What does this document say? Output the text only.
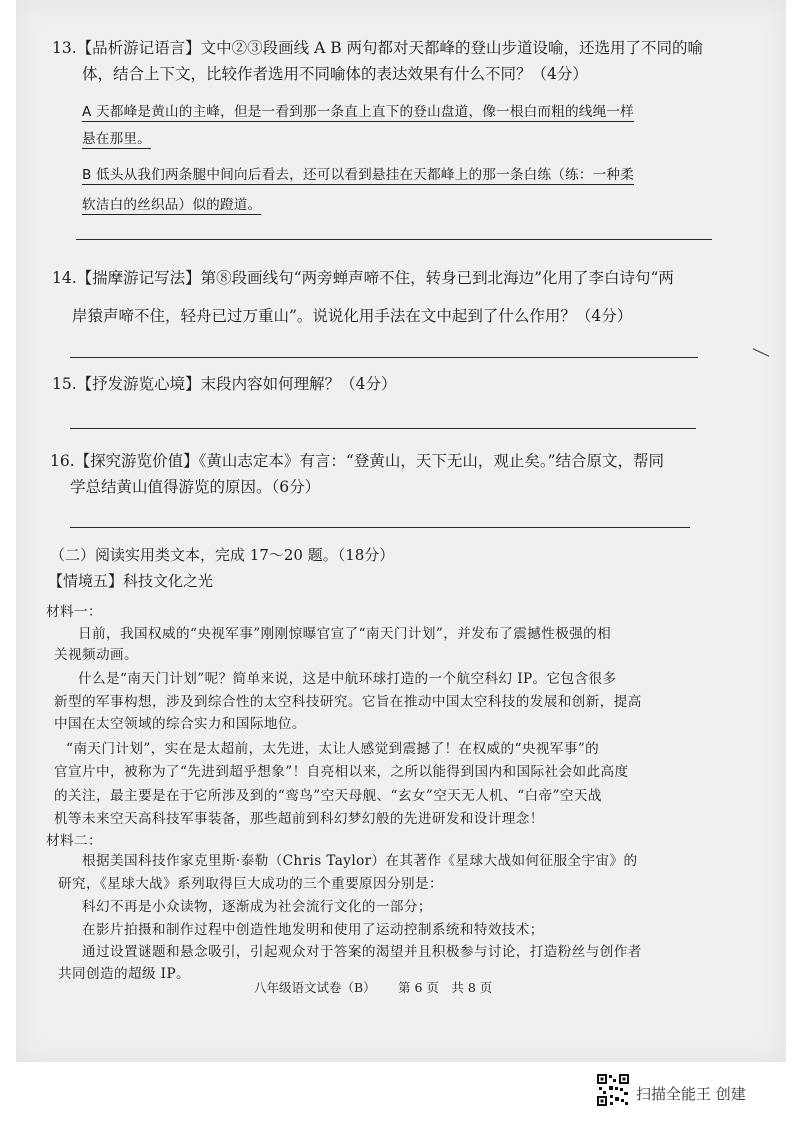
13.【品析游记语言】文中②③段画线 A B 两句都对天都峰的登山步道设喻，还选用了不同的喻
体，结合上下文，比较作者选用不同喻体的表达效果有什么不同？（4分）
A 天都峰是黄山的主峰，但是一看到那一条直上直下的登山盘道，像一根白而粗的线绳一样
悬在那里。
B 低头从我们两条腿中间向后看去，还可以看到悬挂在天都峰上的那一条白练（练：一种柔
软洁白的丝织品）似的蹬道。
14.【揣摩游记写法】第⑧段画线句“两旁蝉声啼不住，转身已到北海边”化用了李白诗句“两
岸猿声啼不住，轻舟已过万重山”。说说化用手法在文中起到了什么作用？（4分）
15.【抒发游览心境】末段内容如何理解？（4分）
16.【探究游览价值】《黄山志定本》有言：“登黄山，天下无山，观止矣。”结合原文，帮同
学总结黄山值得游览的原因。（6分）
（二）阅读实用类文本，完成 17～20 题。（18分）
【情境五】科技文化之光
材料一：
日前，我国权威的“央视军事”刚刚惊曝官宣了“南天门计划”，并发布了震撼性极强的相
关视频动画。
什么是“南天门计划”呢？简单来说，这是中航环球打造的一个航空科幻 IP。它包含很多
新型的军事构想，涉及到综合性的太空科技研究。它旨在推动中国太空科技的发展和创新，提高
中国在太空领域的综合实力和国际地位。
“南天门计划”，实在是太超前，太先进，太让人感觉到震撼了！在权威的“央视军事”的
官宣片中，被称为了“先进到超乎想象”！自亮相以来，之所以能得到国内和国际社会如此高度
的关注，最主要是在于它所涉及到的“鸾鸟”空天母舰、“玄女”空天无人机、“白帝”空天战
机等未来空天高科技军事装备，那些超前到科幻梦幻般的先进研发和设计理念！
材料二：
根据美国科技作家克里斯·泰勒（Chris Taylor）在其著作《星球大战如何征服全宇宙》的
研究，《星球大战》系列取得巨大成功的三个重要原因分别是：
科幻不再是小众读物，逐渐成为社会流行文化的一部分；
在影片拍摄和制作过程中创造性地发明和使用了运动控制系统和特效技术；
通过设置谜题和悬念吸引，引起观众对于答案的渴望并且积极参与讨论，打造粉丝与创作者
共同创造的超级 IP。
八年级语文试卷（B） 第 6 页　共 8 页
扫描全能王 创建
